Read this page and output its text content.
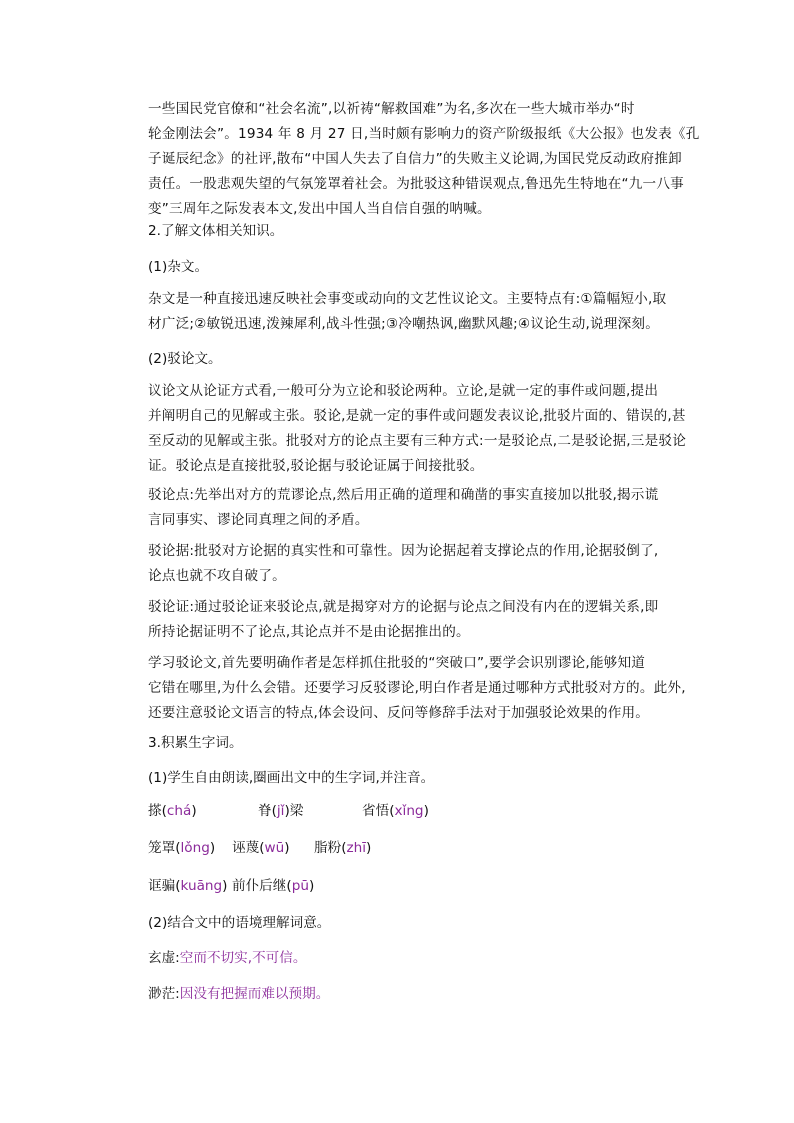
一些国民党官僚和“社会名流”,以祈祷“解救国难”为名,多次在一些大城市举办“时
轮金刚法会”。1934 年 8 月 27 日,当时颇有影响力的资产阶级报纸《大公报》也发表《孔
子诞辰纪念》的社评,散布“中国人失去了自信力”的失败主义论调,为国民党反动政府推卸
责任。一股悲观失望的气氛笼罩着社会。为批驳这种错误观点,鲁迅先生特地在“九一八事
变”三周年之际发表本文,发出中国人当自信自强的呐喊。
2.了解文体相关知识。
(1)杂文。
杂文是一种直接迅速反映社会事变或动向的文艺性议论文。主要特点有:①篇幅短小,取
材广泛;②敏锐迅速,泼辣犀利,战斗性强;③冷嘲热讽,幽默风趣;④议论生动,说理深刻。
(2)驳论文。
议论文从论证方式看,一般可分为立论和驳论两种。立论,是就一定的事件或问题,提出
并阐明自己的见解或主张。驳论,是就一定的事件或问题发表议论,批驳片面的、错误的,甚
至反动的见解或主张。批驳对方的论点主要有三种方式:一是驳论点,二是驳论据,三是驳论
证。驳论点是直接批驳,驳论据与驳论证属于间接批驳。
驳论点:先举出对方的荒谬论点,然后用正确的道理和确凿的事实直接加以批驳,揭示谎
言同事实、谬论同真理之间的矛盾。
驳论据:批驳对方论据的真实性和可靠性。因为论据起着支撑论点的作用,论据驳倒了,
论点也就不攻自破了。
驳论证:通过驳论证来驳论点,就是揭穿对方的论据与论点之间没有内在的逻辑关系,即
所持论据证明不了论点,其论点并不是由论据推出的。
学习驳论文,首先要明确作者是怎样抓住批驳的“突破口”,要学会识别谬论,能够知道
它错在哪里,为什么会错。还要学习反驳谬论,明白作者是通过哪种方式批驳对方的。此外,
还要注意驳论文语言的特点,体会设问、反问等修辞手法对于加强驳论效果的作用。
3.积累生字词。
(1)学生自由朗读,圈画出文中的生字词,并注音。
搽(chá)	脊(jǐ)梁	省悟(xǐng)
笼罩(lǒng) 诬蔑(wū) 脂粉(zhī)
诓骗(kuāng) 前仆后继(pū)
(2)结合文中的语境理解词意。
玄虚:空而不切实,不可信。
渺茫:因没有把握而难以预期。
